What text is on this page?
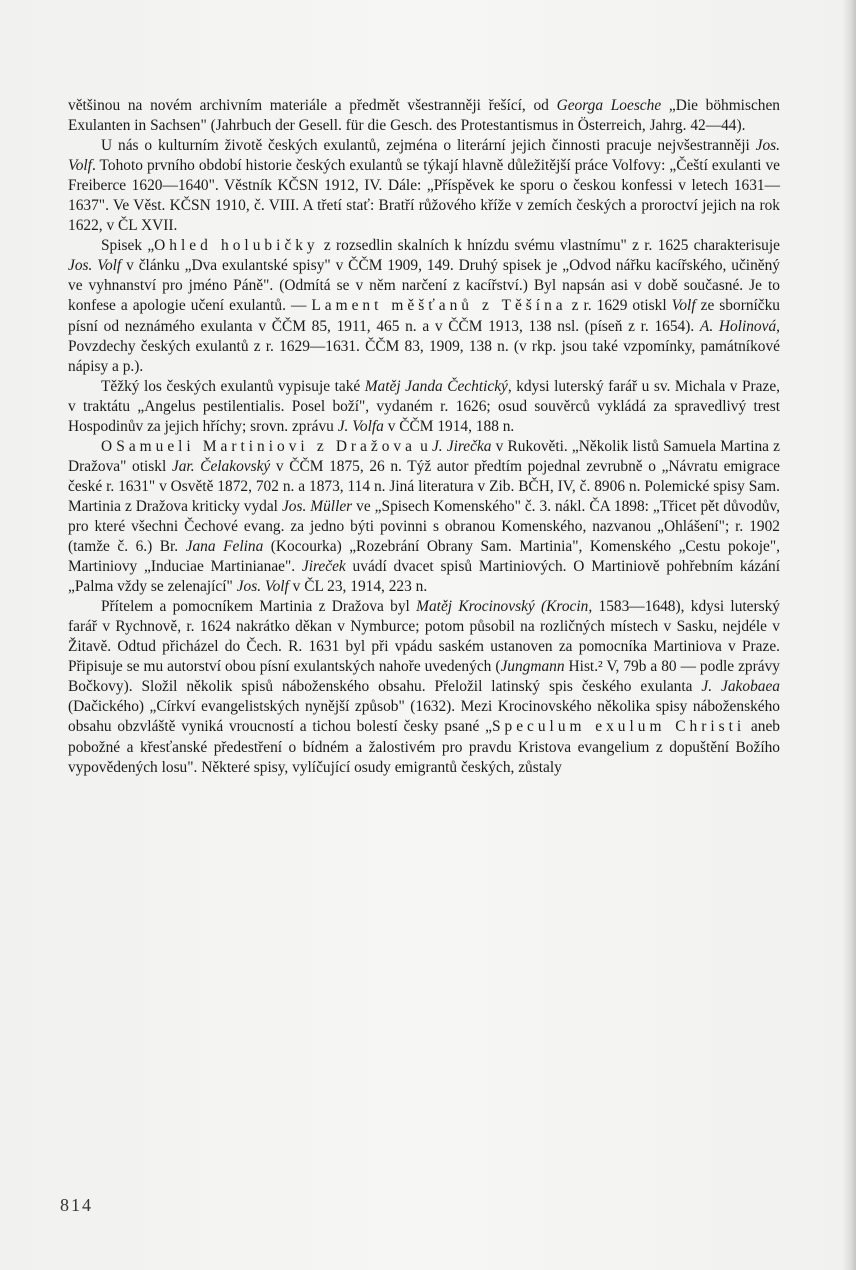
většinou na novém archivním materiále a předmět všestranněji řešící, od Georga Loesche „Die böhmischen Exulanten in Sachsen" (Jahrbuch der Gesell. für die Gesch. des Protestantismus in Österreich, Jahrg. 42—44).

U nás o kulturním životě českých exulantů, zejména o literární jejich činnosti pracuje nejvšestranněji Jos. Volf. Tohoto prvního období historie českých exulantů se týkají hlavně důležitější práce Volfovy: „Čeští exulanti ve Freiberce 1620—1640". Věstník KČSN 1912, IV. Dále: „Příspěvek ke sporu o českou konfessi v letech 1631—1637". Ve Věst. KČSN 1910, č. VIII. A třetí stať: Bratří růžového kříže v zemích českých a proroctví jejich na rok 1622, v ČL XVII.

Spisek „Ohled holubičky z rozsedlin skalních k hnízdu svému vlastnímu" z r. 1625 charakterisuje Jos. Volf v článku „Dva exulantské spisy" v ČČM 1909, 149. Druhý spisek je „Odvod nářku kacířského, učiněný ve vyhnanství pro jméno Páně". (Odmítá se v něm narčení z kacířství.) Byl napsán asi v době současné. Je to konfese a apologie učení exulantů. — Lament měšťanů z Těšína z r. 1629 otiskl Volf ze sborníčku písní od neznámého exulanta v ČČM 85, 1911, 465 n. a v ČČM 1913, 138 nsl. (píseň z r. 1654). A. Holinová, Povzdechy českých exulantů z r. 1629—1631. ČČM 83, 1909, 138 n. (v rkp. jsou také vzpomínky, památníkové nápisy a p.).

Těžký los českých exulantů vypisuje také Matěj Janda Čechtický, kdysi luterský farář u sv. Michala v Praze, v traktátu „Angelus pestilentialis. Posel boží", vydaném r. 1626; osud souvěrců vykládá za spravedlivý trest Hospodinův za jejich hříchy; srovn. zprávu J. Volfa v ČČM 1914, 188 n.

O Samueli Martiniovi z Dražova u J. Jirečka v Rukověti. „Několik listů Samuela Martina z Dražova" otiskl Jar. Čelakovský v ČČM 1875, 26 n. Týž autor předtím pojednal zevrubně o „Návratu emigrace české r. 1631" v Osvětě 1872, 702 n. a 1873, 114 n. Jiná literatura v Zib. BČH, IV, č. 8906 n. Polemické spisy Sam. Martinia z Dražova kriticky vydal Jos. Müller ve „Spisech Komenského" č. 3. nákl. ČA 1898: „Třicet pět důvodův, pro které všechni Čechové evang. za jedno býti povinni s obranou Komenského, nazvanou „Ohlášení"; r. 1902 (tamže č. 6.) Br. Jana Felina (Kocourka) „Rozebrání Obrany Sam. Martinia", Komenského „Cestu pokoje", Martiniovy „Induciae Martinianae". Jireček uvádí dvacet spisů Martiniových. O Martiniově pohřebním kázání „Palma vždy se zelenající" Jos. Volf v ČL 23, 1914, 223 n.

Přítelem a pomocníkem Martinia z Dražova byl Matěj Krocinovský (Krocin, 1583—1648), kdysi luterský farář v Rychnově, r. 1624 nakrátko děkan v Nymburce; potom působil na rozličných místech v Sasku, nejdéle v Žitavě. Odtud přicházel do Čech. R. 1631 byl při vpádu saském ustanoven za pomocníka Martiniova v Praze. Připisuje se mu autorství obou písní exulantských nahoře uvedených (Jungmann Hist.² V, 79b a 80 — podle zprávy Bočkovy). Složil několik spisů náboženského obsahu. Přeložil latinský spis českého exulanta J. Jakobaea (Dačického) „Církví evangelistských nynější způsob" (1632). Mezi Krocinovského několika spisy náboženského obsahu obzvláště vyniká vroucností a tichou bolestí česky psané „Speculum exulum Christi aneb pobožné a křesťanské předestření o bídném a žalostivém pro pravdu Kristova evangelium z dopuštění Božího vypovědených losu". Některé spisy, vylíčující osudy emigrantů českých, zůstaly

814
